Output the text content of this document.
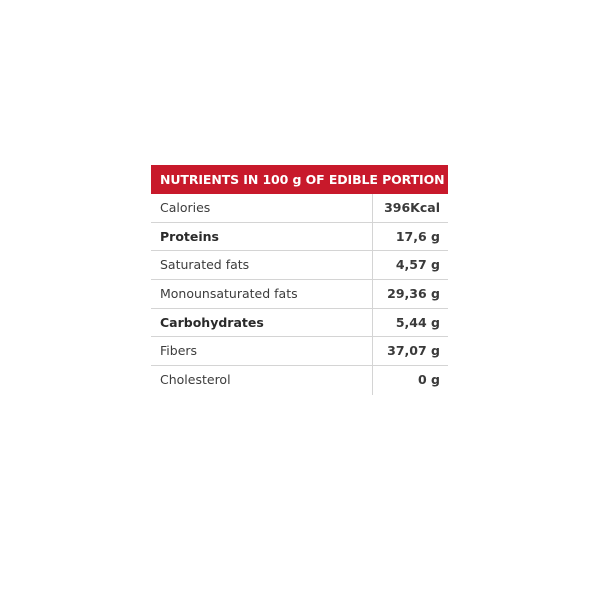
NUTRIENTS IN 100 g OF EDIBLE PORTION
Calories	396Kcal
Proteins	17,6 g
Saturated fats	4,57 g
Monounsaturated fats	29,36 g
Carbohydrates	5,44 g
Fibers	37,07 g
Cholesterol	0 g
